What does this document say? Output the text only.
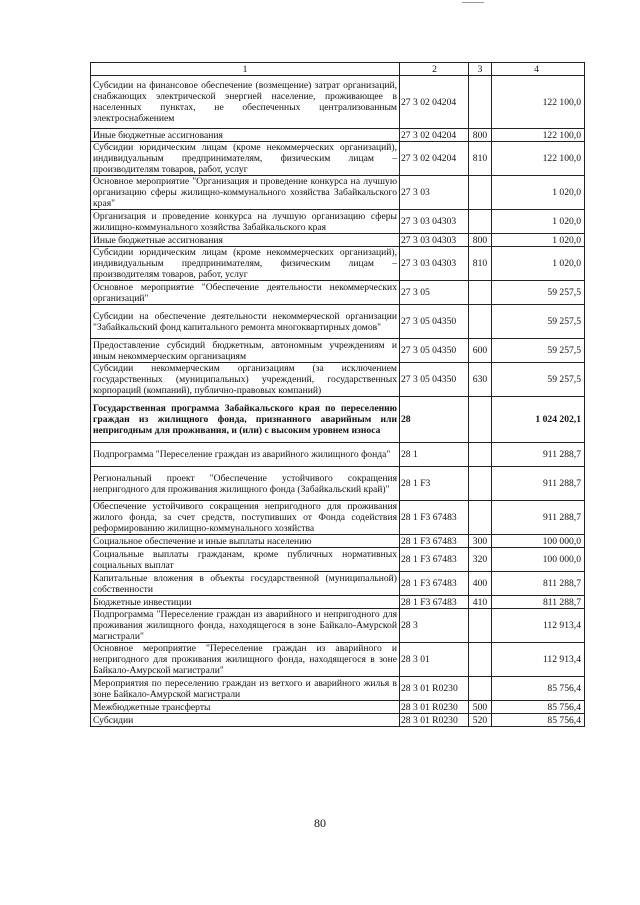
1	2	3	4
Субсидии на финансовое обеспечение (возмещение) затрат организаций, снабжающих электрической энергией население, проживающее в населенных пунктах, не обеспеченных централизованным электроснабжением	27 3 02 04204		122 100,0
Иные бюджетные ассигнования	27 3 02 04204	800	122 100,0
Субсидии юридическим лицам (кроме некоммерческих организаций), индивидуальным предпринимателям, физическим лицам – производителям товаров, работ, услуг	27 3 02 04204	810	122 100,0
Основное мероприятие "Организация и проведение конкурса на лучшую организацию сферы жилищно-коммунального хозяйства Забайкальского края"	27 3 03		1 020,0
Организация и проведение конкурса на лучшую организацию сферы жилищно-коммунального хозяйства Забайкальского края	27 3 03 04303		1 020,0
Иные бюджетные ассигнования	27 3 03 04303	800	1 020,0
Субсидии юридическим лицам (кроме некоммерческих организаций), индивидуальным предпринимателям, физическим лицам – производителям товаров, работ, услуг	27 3 03 04303	810	1 020,0
Основное мероприятие "Обеспечение деятельности некоммерческих организаций"	27 3 05		59 257,5
Субсидии на обеспечение деятельности некоммерческой организации "Забайкальский фонд капитального ремонта многоквартирных домов"	27 3 05 04350		59 257,5
Предоставление субсидий бюджетным, автономным учреждениям и иным некоммерческим организациям	27 3 05 04350	600	59 257,5
Субсидии некоммерческим организациям (за исключением государственных (муниципальных) учреждений, государственных корпораций (компаний), публично-правовых компаний)	27 3 05 04350	630	59 257,5
Государственная программа Забайкальского края по переселению граждан из жилищного фонда, признанного аварийным или непригодным для проживания, и (или) с высоким уровнем износа	28		1 024 202,1
Подпрограмма "Переселение граждан из аварийного жилищного фонда"	28 1		911 288,7
Региональный проект "Обеспечение устойчивого сокращения непригодного для проживания жилищного фонда (Забайкальский край)"	28 1 F3		911 288,7
Обеспечение устойчивого сокращения непригодного для проживания жилого фонда, за счет средств, поступивших от Фонда содействия реформированию жилищно-коммунального хозяйства	28 1 F3 67483		911 288,7
Социальное обеспечение и иные выплаты населению	28 1 F3 67483	300	100 000,0
Социальные выплаты гражданам, кроме публичных нормативных социальных выплат	28 1 F3 67483	320	100 000,0
Капитальные вложения в объекты государственной (муниципальной) собственности	28 1 F3 67483	400	811 288,7
Бюджетные инвестиции	28 1 F3 67483	410	811 288,7
Подпрограмма "Переселение граждан из аварийного и непригодного для проживания жилищного фонда, находящегося в зоне Байкало-Амурской магистрали"	28 3		112 913,4
Основное мероприятие "Переселение граждан из аварийного и непригодного для проживания жилищного фонда, находящегося в зоне Байкало-Амурской магистрали"	28 3 01		112 913,4
Мероприятия по переселению граждан из ветхого и аварийного жилья в зоне Байкало-Амурской магистрали	28 3 01 R0230		85 756,4
Межбюджетные трансферты	28 3 01 R0230	500	85 756,4
Субсидии	28 3 01 R0230	520	85 756,4
80
